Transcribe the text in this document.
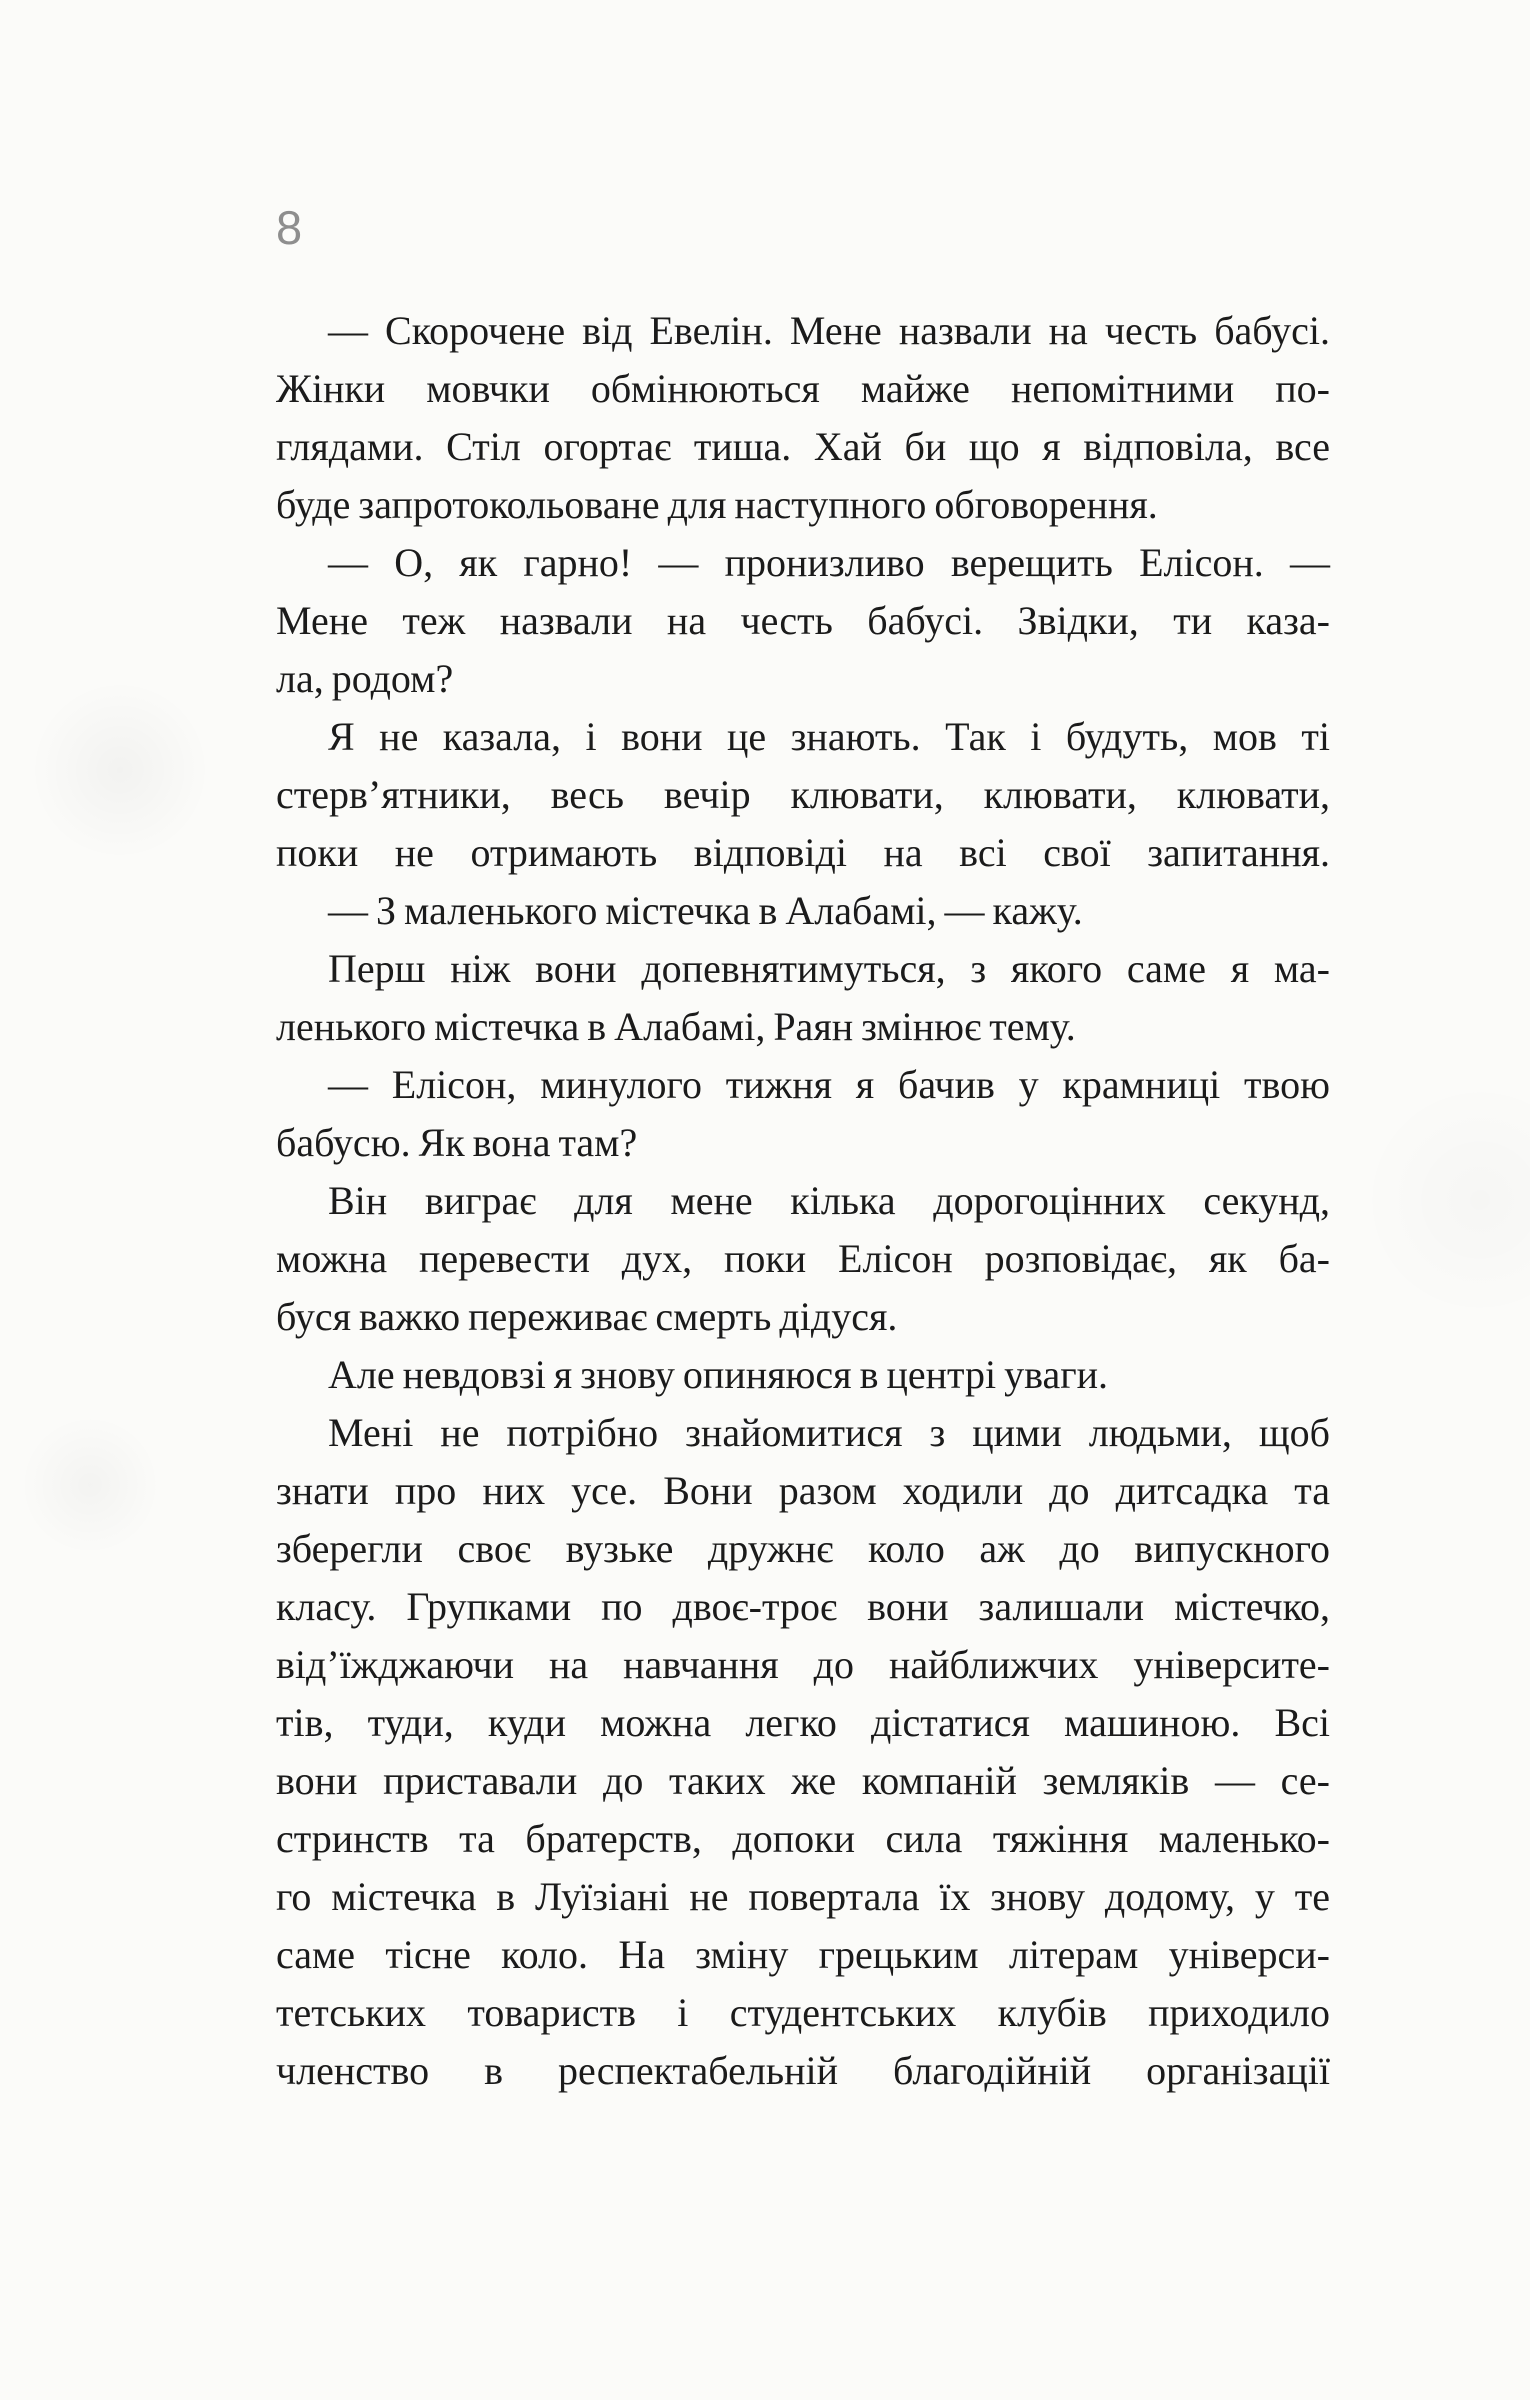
8
— Скорочене від Евелін. Мене назвали на честь бабусі.
Жінки мовчки обмінюються майже непомітними по-
глядами. Стіл огортає тиша. Хай би що я відповіла, все
буде запротокольоване для наступного обговорення.
— О, як гарно! — пронизливо верещить Елісон. —
Мене теж назвали на честь бабусі. Звідки, ти каза-
ла, родом?
Я не казала, і вони це знають. Так і будуть, мов ті
стерв’ятники, весь вечір клювати, клювати, клювати,
поки не отримають відповіді на всі свої запитання.
— З маленького містечка в Алабамі, — кажу.
Перш ніж вони допевнятимуться, з якого саме я ма-
ленького містечка в Алабамі, Раян змінює тему.
— Елісон, минулого тижня я бачив у крамниці твою
бабусю. Як вона там?
Він виграє для мене кілька дорогоцінних секунд,
можна перевести дух, поки Елісон розповідає, як ба-
буся важко переживає смерть дідуся.
Але невдовзі я знову опиняюся в центрі уваги.
Мені не потрібно знайомитися з цими людьми, щоб
знати про них усе. Вони разом ходили до дитсадка та
зберегли своє вузьке дружнє коло аж до випускного
класу. Групками по двоє-троє вони залишали містечко,
від’їжджаючи на навчання до найближчих університе-
тів, туди, куди можна легко дістатися машиною. Всі
вони приставали до таких же компаній земляків — се-
стринств та братерств, допоки сила тяжіння маленько-
го містечка в Луїзіані не повертала їх знову додому, у те
саме тісне коло. На зміну грецьким літерам універси-
тетських товариств і студентських клубів приходило
членство в респектабельній благодійній організації
